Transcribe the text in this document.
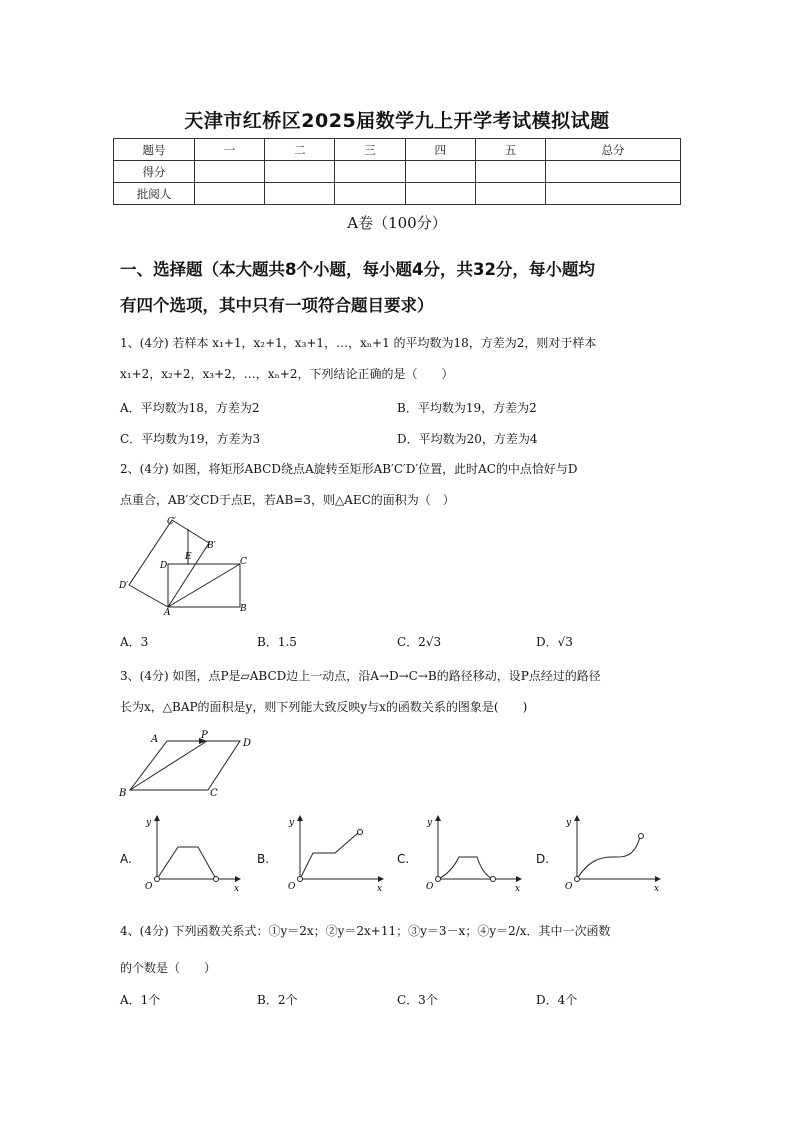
天津市红桥区2025届数学九上开学考试模拟试题
题号	一	二	三	四	五	总分
得分						
批阅人						
A卷（100分）
一、选择题（本大题共8个小题，每小题4分，共32分，每小题均
有四个选项，其中只有一项符合题目要求）
1、(4分) 若样本 x₁+1，x₂+1，x₃+1，…，xₙ+1 的平均数为18，方差为2，则对于样本
x₁+2，x₂+2，x₃+2，…，xₙ+2，下列结论正确的是（　　）
A．平均数为18，方差为2	B．平均数为19，方差为2
C．平均数为19，方差为3	D．平均数为20，方差为4
2、(4分) 如图，将矩形ABCD绕点A旋转至矩形AB′C′D′位置，此时AC的中点恰好与D
点重合，AB′交CD于点E，若AB=3，则△AEC的面积为（　）
C′
B′
E
D	C
D′
A	B
A．3	B．1.5	C．2√3	D．√3
3、(4分) 如图，点P是▱ABCD边上一动点，沿A→D→C→B的路径移动，设P点经过的路径
长为x，△BAP的面积是y，则下列能大致反映y与x的函数关系的图象是(　　)
A	P
D
B	C
A.
y
O	x
B.
y
O	x
C.
y
O	x
D.
y
O	x
4、(4分) 下列函数关系式：①y＝2x；②y＝2x+11；③y＝3－x；④y＝2/x．其中一次函数
的个数是（　　）
A．1个	B．2个	C．3个	D．4个
